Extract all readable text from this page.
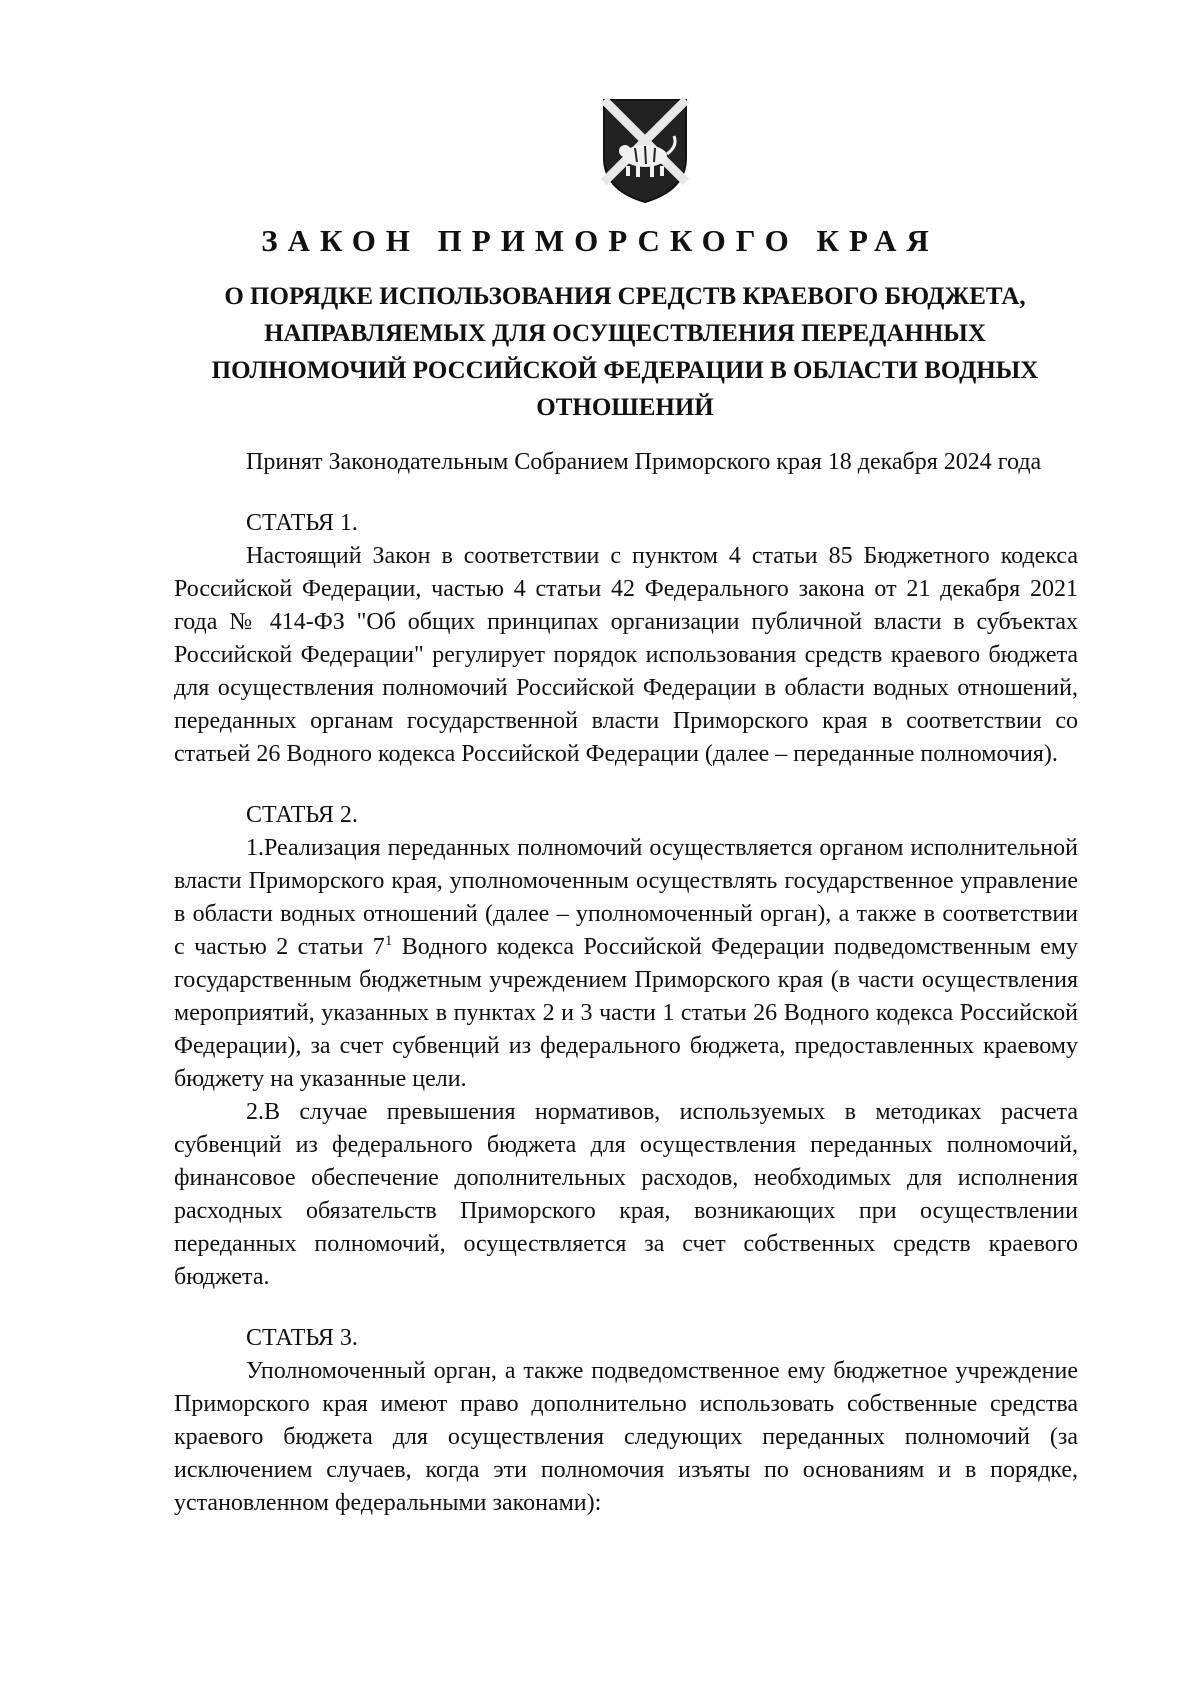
ЗАКОН ПРИМОРСКОГО КРАЯ
О ПОРЯДКЕ ИСПОЛЬЗОВАНИЯ СРЕДСТВ КРАЕВОГО БЮДЖЕТА, НАПРАВЛЯЕМЫХ ДЛЯ ОСУЩЕСТВЛЕНИЯ ПЕРЕДАННЫХ ПОЛНОМОЧИЙ РОССИЙСКОЙ ФЕДЕРАЦИИ В ОБЛАСТИ ВОДНЫХ ОТНОШЕНИЙ

Принят Законодательным Собранием Приморского края 18 декабря 2024 года

СТАТЬЯ 1.

Настоящий Закон в соответствии с пунктом 4 статьи 85 Бюджетного кодекса Российской Федерации, частью 4 статьи 42 Федерального закона от 21 декабря 2021 года № 414-ФЗ "Об общих принципах организации публичной власти в субъектах Российской Федерации" регулирует порядок использования средств краевого бюджета для осуществления полномочий Российской Федерации в области водных отношений, переданных органам государственной власти Приморского края в соответствии со статьей 26 Водного кодекса Российской Федерации (далее – переданные полномочия).

СТАТЬЯ 2.

1.Реализация переданных полномочий осуществляется органом исполнительной власти Приморского края, уполномоченным осуществлять государственное управление в области водных отношений (далее – уполномоченный орган), а также в соответствии с частью 2 статьи $7^1$ Водного кодекса Российской Федерации подведомственным ему государственным бюджетным учреждением Приморского края (в части осуществления мероприятий, указанных в пунктах 2 и 3 части 1 статьи 26 Водного кодекса Российской Федерации), за счет субвенций из федерального бюджета, предоставленных краевому бюджету на указанные цели.

2.В случае превышения нормативов, используемых в методиках расчета субвенций из федерального бюджета для осуществления переданных полномочий, финансовое обеспечение дополнительных расходов, необходимых для исполнения расходных обязательств Приморского края, возникающих при осуществлении переданных полномочий, осуществляется за счет собственных средств краевого бюджета.

СТАТЬЯ 3.

Уполномоченный орган, а также подведомственное ему бюджетное учреждение Приморского края имеют право дополнительно использовать собственные средства краевого бюджета для осуществления следующих переданных полномочий (за исключением случаев, когда эти полномочия изъяты по основаниям и в порядке, установленном федеральными законами):
